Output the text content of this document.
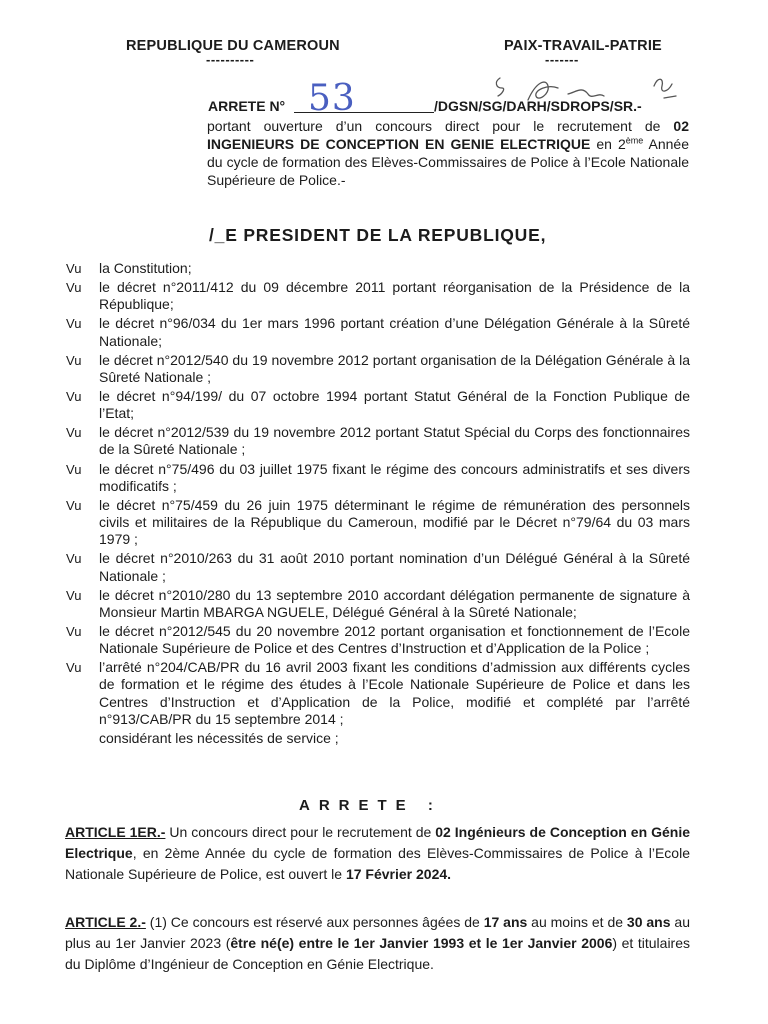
REPUBLIQUE DU CAMEROUN
----------
PAIX-TRAVAIL-PATRIE
-------
ARRETE N° 53	/DGSN/SG/DARH/SDROPS/SR.-
portant ouverture d’un concours direct pour le recrutement de 02 INGENIEURS DE CONCEPTION EN GENIE ELECTRIQUE en 2ème Année du cycle de formation des Elèves-Commissaires de Police à l’Ecole Nationale Supérieure de Police.-
/_E PRESIDENT DE LA REPUBLIQUE,
Vu la Constitution;
Vu le décret n°2011/412 du 09 décembre 2011 portant réorganisation de la Présidence de la République;
Vu le décret n°96/034 du 1er mars 1996 portant création d’une Délégation Générale à la Sûreté Nationale;
Vu le décret n°2012/540 du 19 novembre 2012 portant organisation de la Délégation Générale à la Sûreté Nationale ;
Vu le décret n°94/199/ du 07 octobre 1994 portant Statut Général de la Fonction Publique de l’Etat;
Vu le décret n°2012/539 du 19 novembre 2012 portant Statut Spécial du Corps des fonctionnaires de la Sûreté Nationale ;
Vu le décret n°75/496 du 03 juillet 1975 fixant le régime des concours administratifs et ses divers modificatifs ;
Vu le décret n°75/459 du 26 juin 1975 déterminant le régime de rémunération des personnels civils et militaires de la République du Cameroun, modifié par le Décret n°79/64 du 03 mars 1979 ;
Vu le décret n°2010/263 du 31 août 2010 portant nomination d’un Délégué Général à la Sûreté Nationale ;
Vu le décret n°2010/280 du 13 septembre 2010 accordant délégation permanente de signature à Monsieur Martin MBARGA NGUELE, Délégué Général à la Sûreté Nationale;
Vu le décret n°2012/545 du 20 novembre 2012 portant organisation et fonctionnement de l’Ecole Nationale Supérieure de Police et des Centres d’Instruction et d’Application de la Police ;
Vu l’arrêté n°204/CAB/PR du 16 avril 2003 fixant les conditions d’admission aux différents cycles de formation et le régime des études à l’Ecole Nationale Supérieure de Police et dans les Centres d’Instruction et d’Application de la Police, modifié et complété par l’arrêté n°913/CAB/PR du 15 septembre 2014 ;
considérant les nécessités de service ;
ARRETE :
ARTICLE 1ER.- Un concours direct pour le recrutement de 02 Ingénieurs de Conception en Génie Electrique, en 2ème Année du cycle de formation des Elèves-Commissaires de Police à l’Ecole Nationale Supérieure de Police, est ouvert le 17 Février 2024.
ARTICLE 2.- (1) Ce concours est réservé aux personnes âgées de 17 ans au moins et de 30 ans au plus au 1er Janvier 2023 (être né(e) entre le 1er Janvier 1993 et le 1er Janvier 2006) et titulaires du Diplôme d’Ingénieur de Conception en Génie Electrique.
